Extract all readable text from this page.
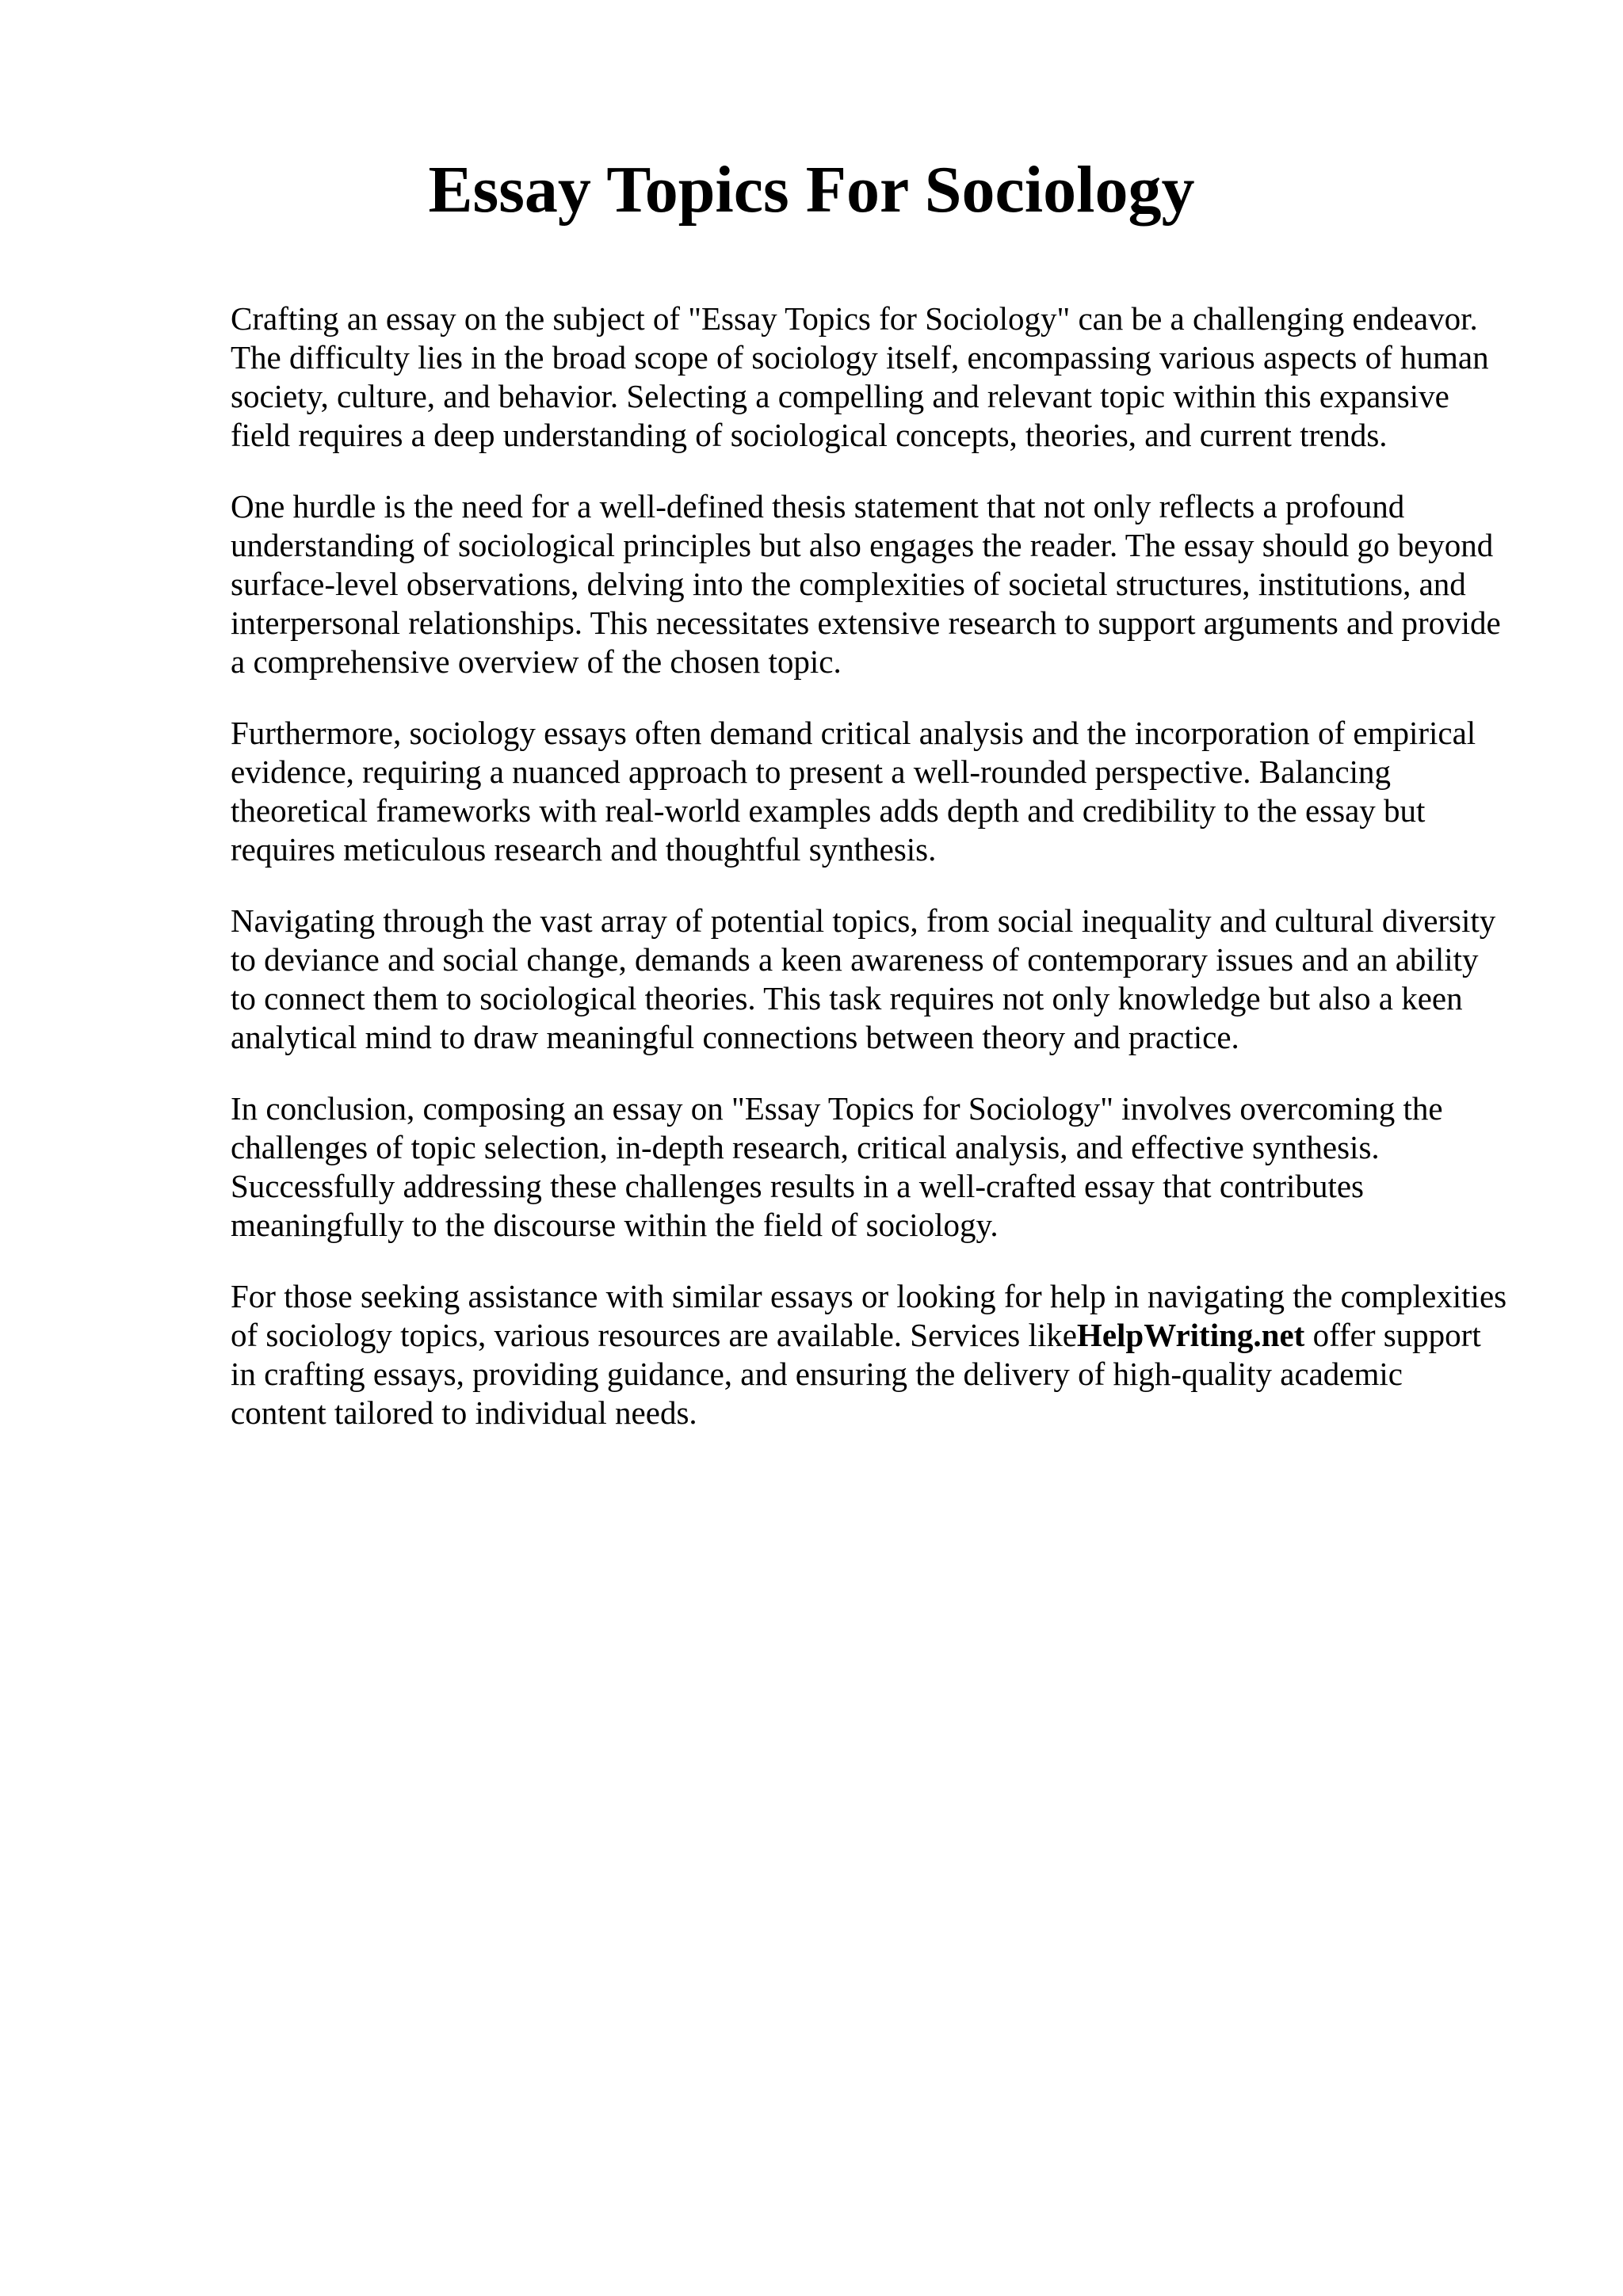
Essay Topics For Sociology

Crafting an essay on the subject of "Essay Topics for Sociology" can be a challenging endeavor.
The difficulty lies in the broad scope of sociology itself, encompassing various aspects of human
society, culture, and behavior. Selecting a compelling and relevant topic within this expansive
field requires a deep understanding of sociological concepts, theories, and current trends.

One hurdle is the need for a well-defined thesis statement that not only reflects a profound
understanding of sociological principles but also engages the reader. The essay should go beyond
surface-level observations, delving into the complexities of societal structures, institutions, and
interpersonal relationships. This necessitates extensive research to support arguments and provide
a comprehensive overview of the chosen topic.

Furthermore, sociology essays often demand critical analysis and the incorporation of empirical
evidence, requiring a nuanced approach to present a well-rounded perspective. Balancing
theoretical frameworks with real-world examples adds depth and credibility to the essay but
requires meticulous research and thoughtful synthesis.

Navigating through the vast array of potential topics, from social inequality and cultural diversity
to deviance and social change, demands a keen awareness of contemporary issues and an ability
to connect them to sociological theories. This task requires not only knowledge but also a keen
analytical mind to draw meaningful connections between theory and practice.

In conclusion, composing an essay on "Essay Topics for Sociology" involves overcoming the
challenges of topic selection, in-depth research, critical analysis, and effective synthesis.
Successfully addressing these challenges results in a well-crafted essay that contributes
meaningfully to the discourse within the field of sociology.

For those seeking assistance with similar essays or looking for help in navigating the complexities
of sociology topics, various resources are available. Services likeHelpWriting.net offer support
in crafting essays, providing guidance, and ensuring the delivery of high-quality academic
content tailored to individual needs.
